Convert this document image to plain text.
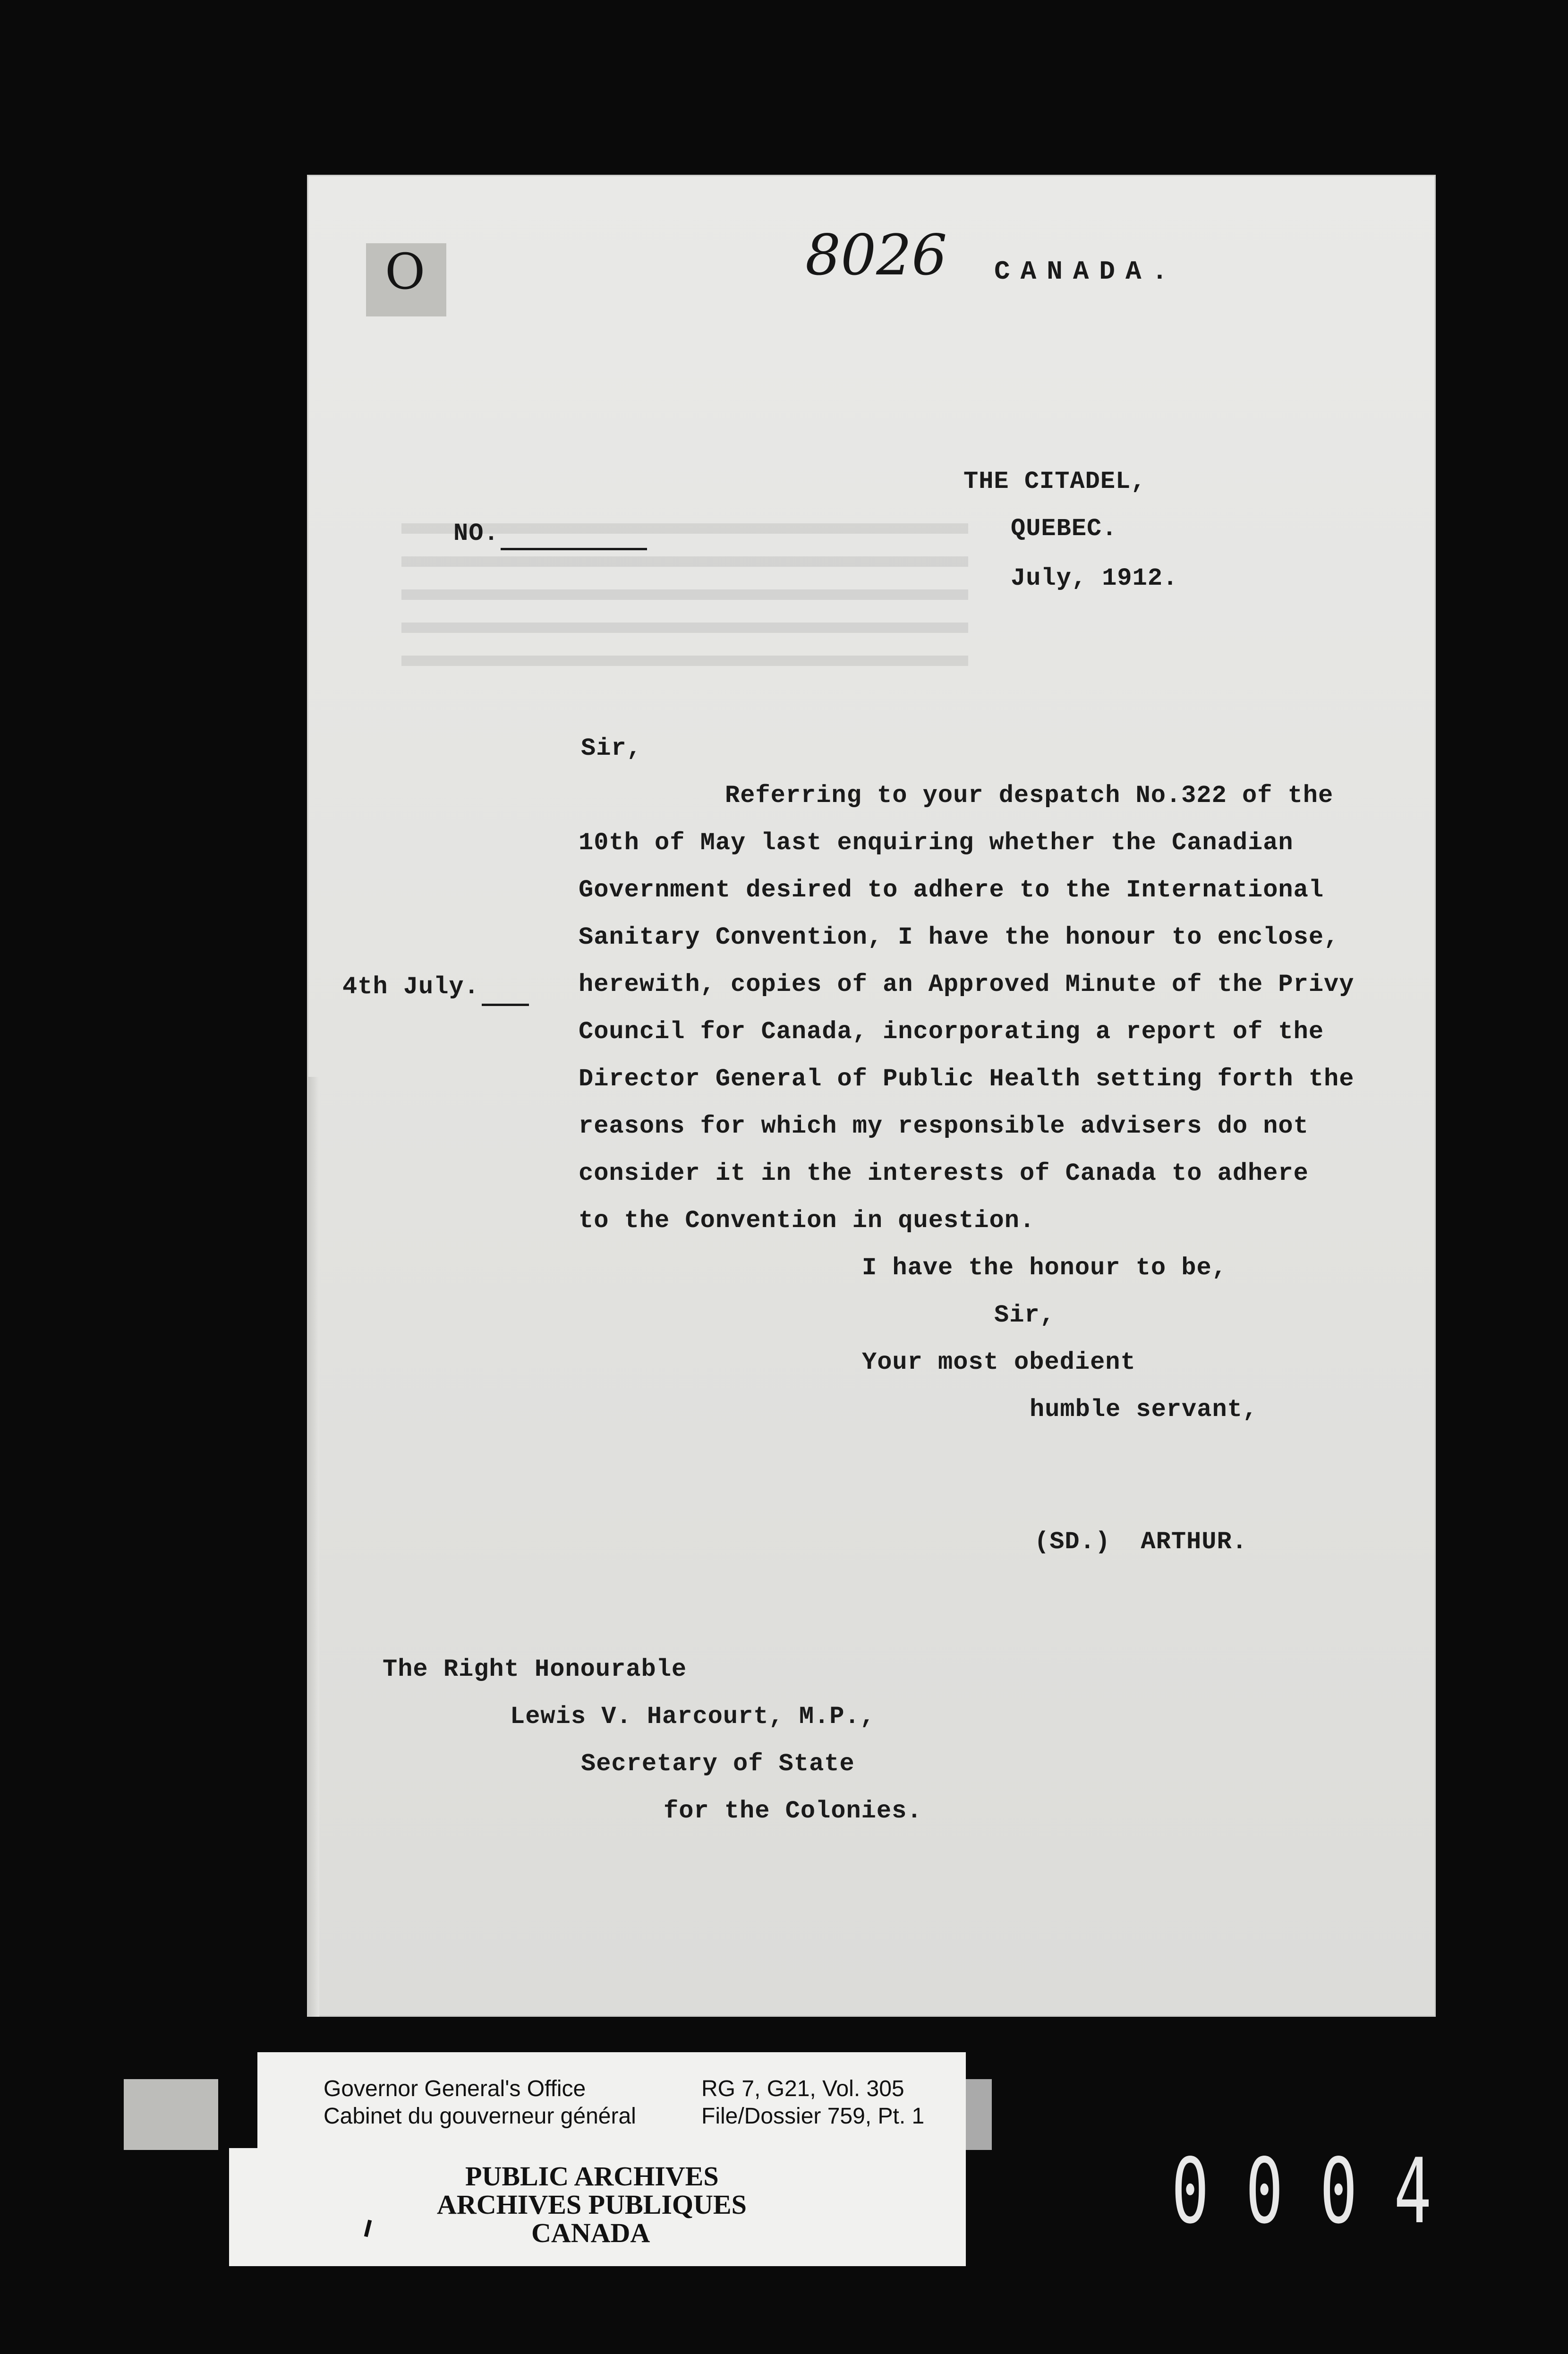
O	8026 CANADA.

THE CITADEL,

QUEBEC.

July, 1912.

NO.

Sir,

Referring to your despatch No.322 of the

10th of May last enquiring whether the Canadian

Government desired to adhere to the International

Sanitary Convention, I have the honour to enclose,

herewith, copies of an Approved Minute of the Privy

Council for Canada, incorporating a report of the

Director General of Public Health setting forth the

reasons for which my responsible advisers do not

consider it in the interests of Canada to adhere

to the Convention in question.

4th July.

I have the honour to be,

Sir,

Your most obedient

humble servant,

(SD.)  ARTHUR.

The Right Honourable

Lewis V. Harcourt, M.P.,

Secretary of State

for the Colonies.

Governor General's Office
Cabinet du gouverneur général
RG 7, G21, Vol. 305
File/Dossier 759, Pt. 1
PUBLIC ARCHIVES
ARCHIVES PUBLIQUES
CANADA	0004
